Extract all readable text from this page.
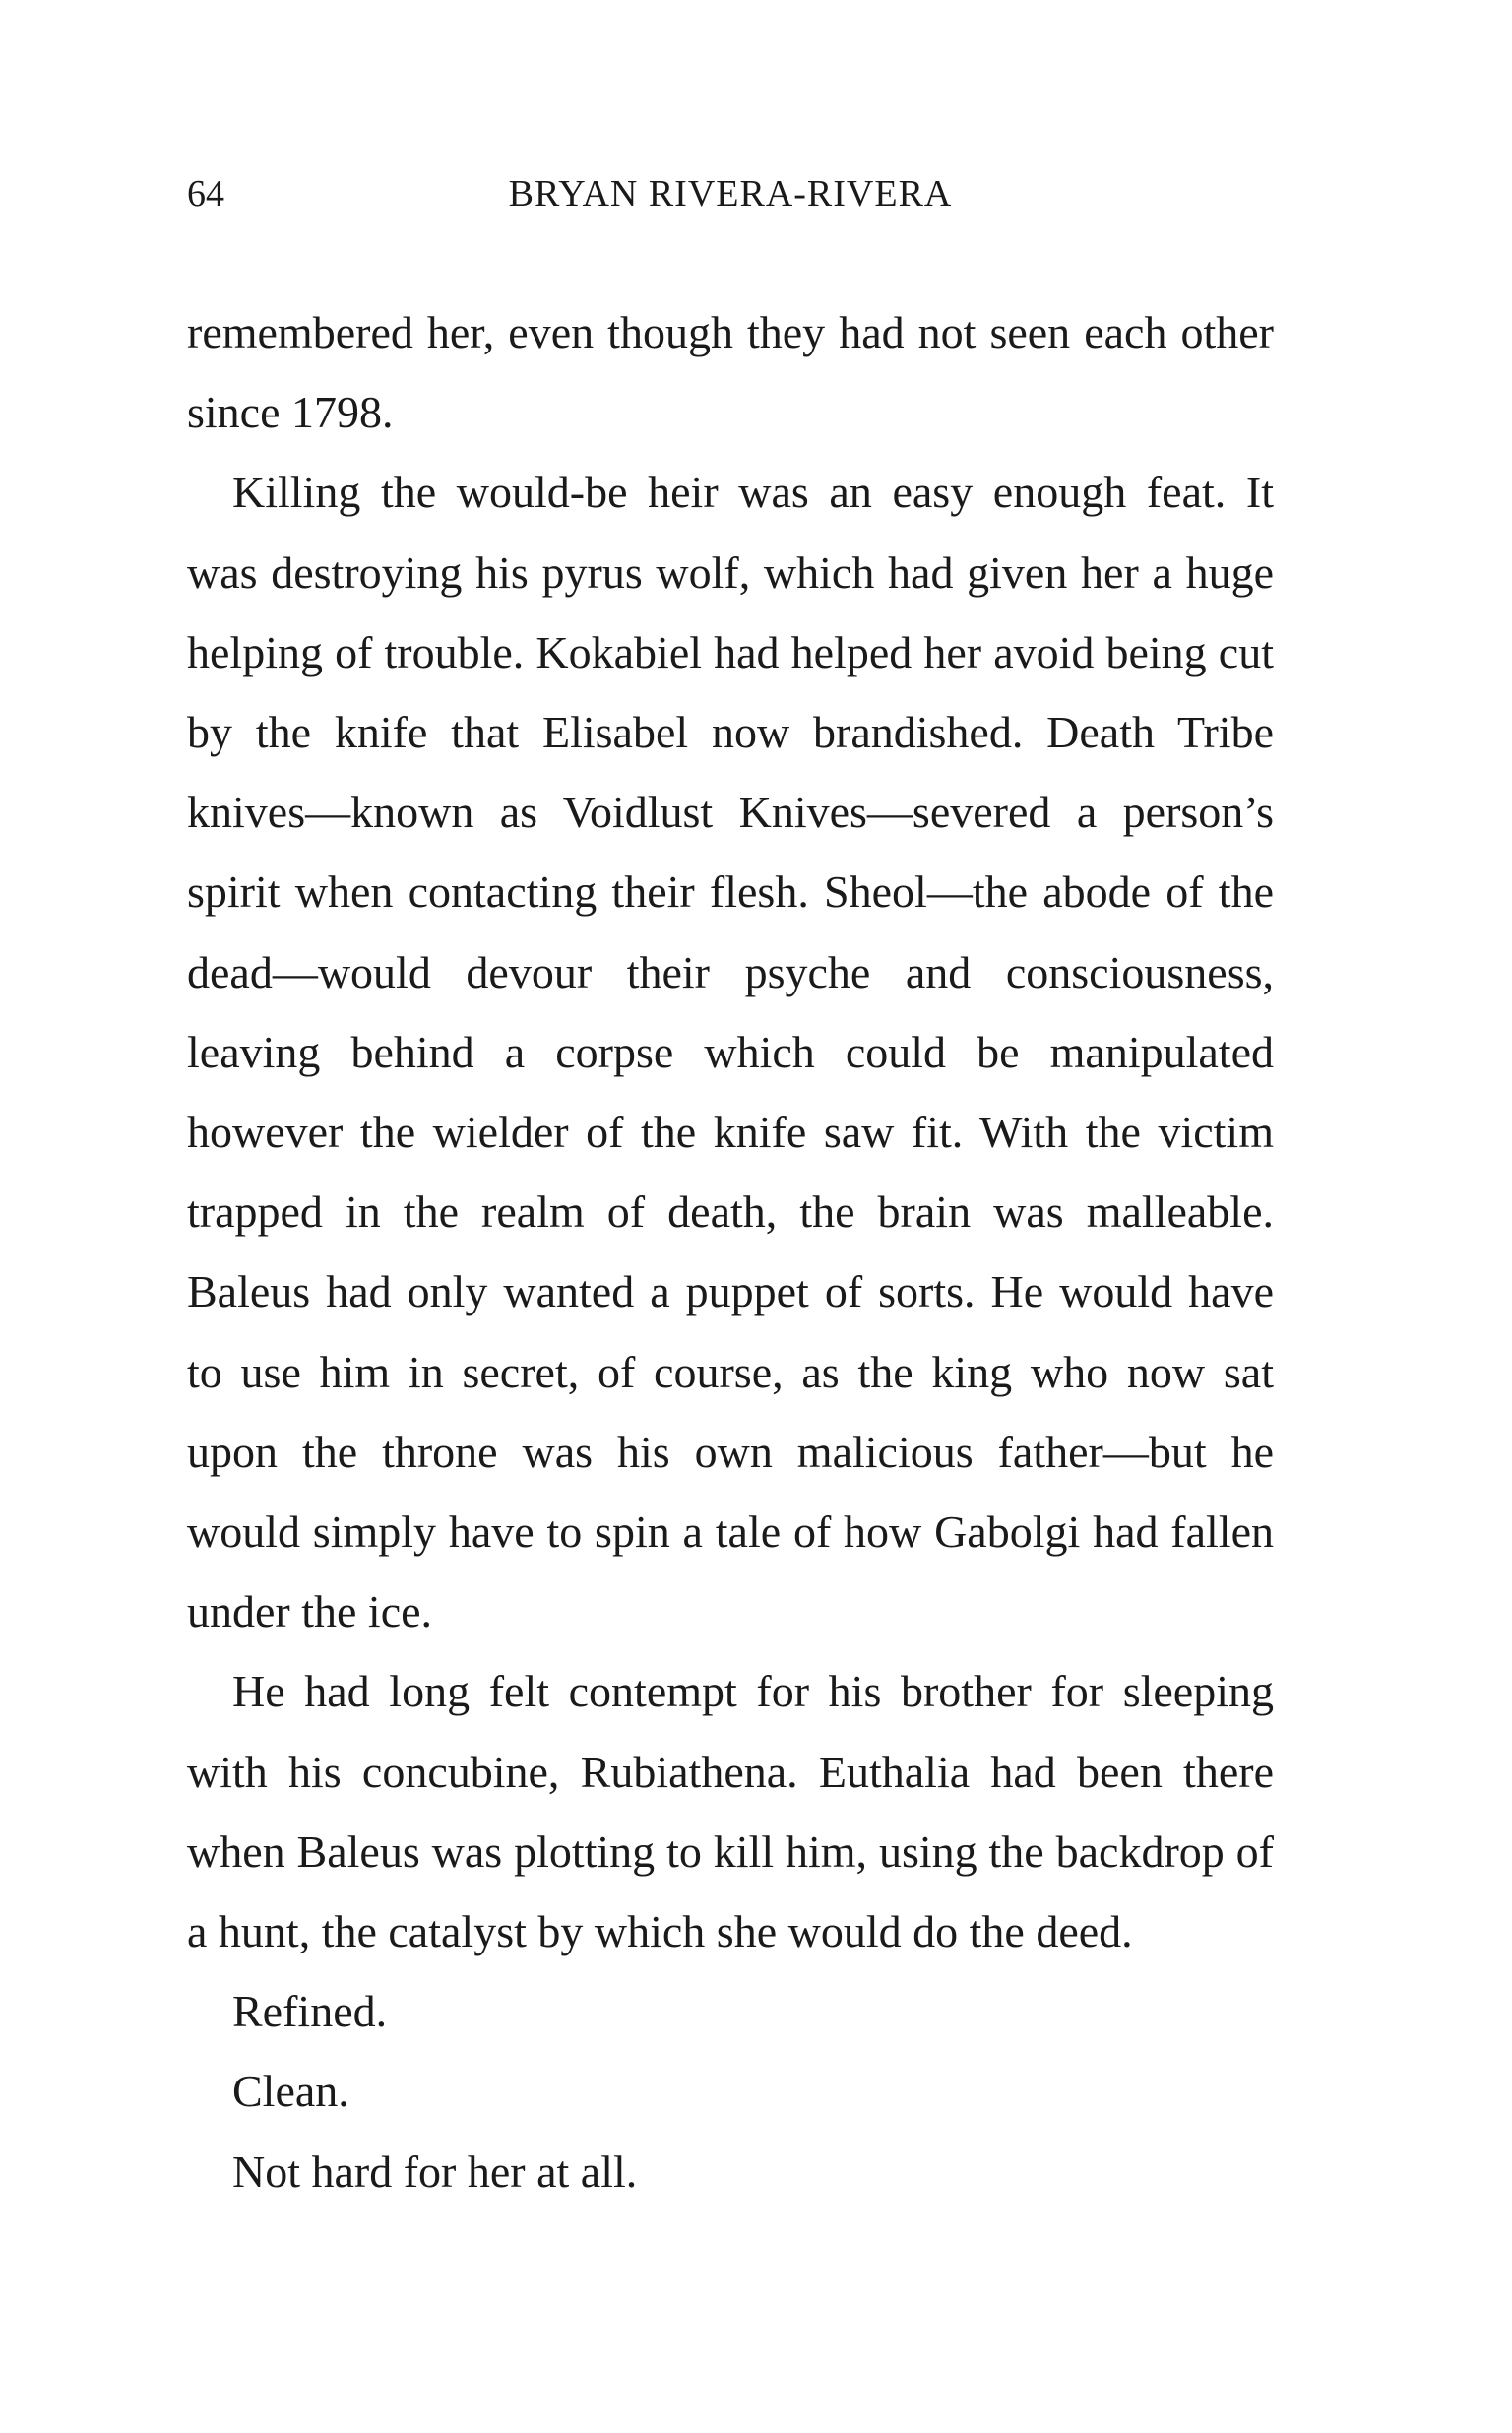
64	BRYAN RIVERA-RIVERA

remembered her, even though they had not seen each other since 1798.

Killing the would-be heir was an easy enough feat. It was destroying his pyrus wolf, which had given her a huge helping of trouble. Kokabiel had helped her avoid being cut by the knife that Elisabel now brandished. Death Tribe knives—known as Voidlust Knives—severed a person’s spirit when contacting their flesh. Sheol—the abode of the dead—would devour their psyche and consciousness, leaving behind a corpse which could be manipulated however the wielder of the knife saw fit. With the victim trapped in the realm of death, the brain was malleable. Baleus had only wanted a puppet of sorts. He would have to use him in secret, of course, as the king who now sat upon the throne was his own malicious father—but he would simply have to spin a tale of how Gabolgi had fallen under the ice.

He had long felt contempt for his brother for sleeping with his concubine, Rubiathena. Euthalia had been there when Baleus was plotting to kill him, using the backdrop of a hunt, the catalyst by which she would do the deed.

Refined.

Clean.

Not hard for her at all.
